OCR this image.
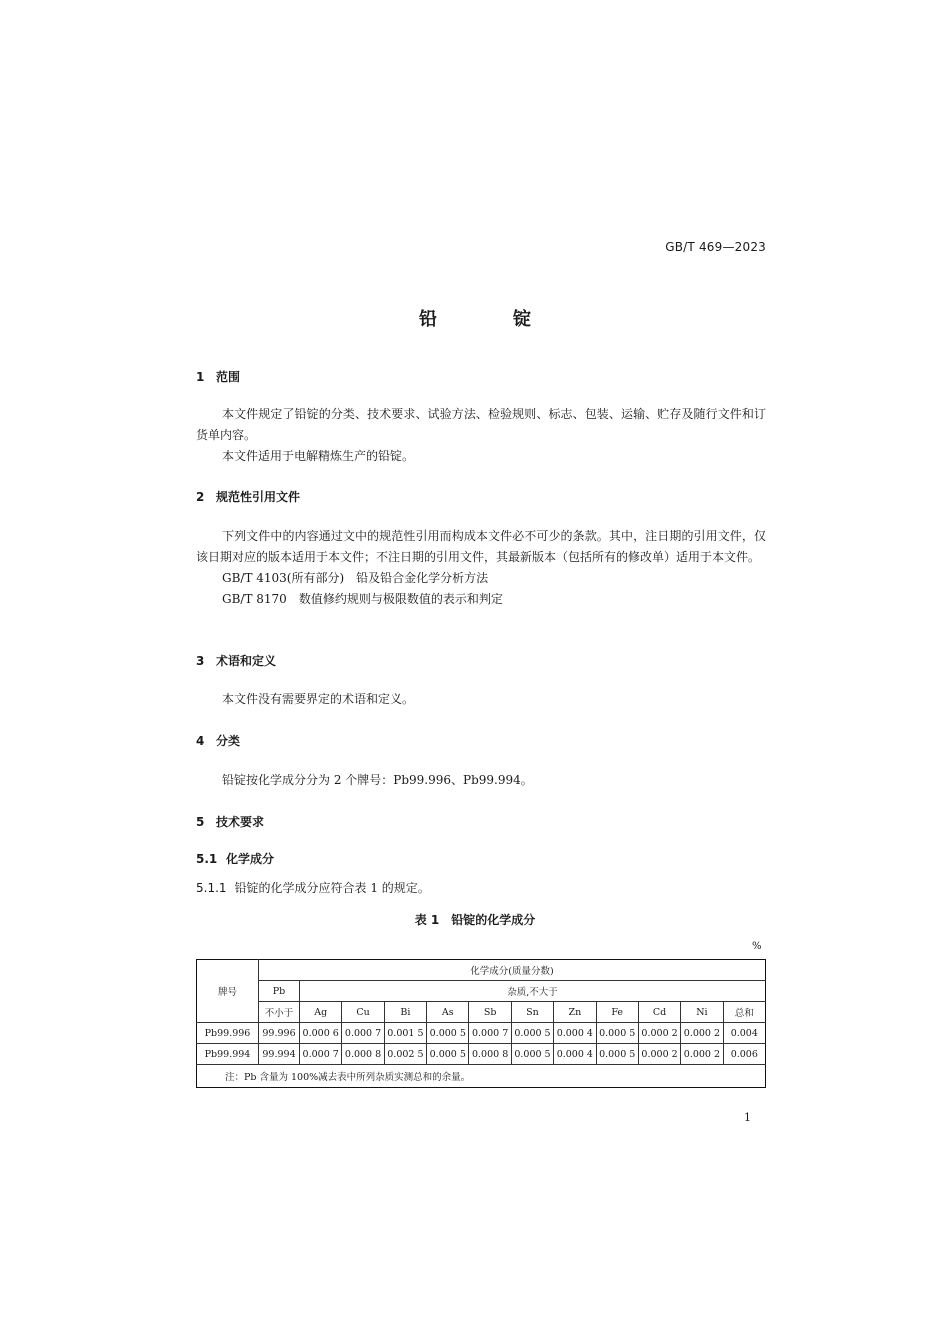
GB/T 469—2023
铅锭
1 范围
本文件规定了铅锭的分类、技术要求、试验方法、检验规则、标志、包装、运输、贮存及随行文件和订货单内容。
本文件适用于电解精炼生产的铅锭。
2 规范性引用文件
下列文件中的内容通过文中的规范性引用而构成本文件必不可少的条款。其中，注日期的引用文件，仅该日期对应的版本适用于本文件；不注日期的引用文件，其最新版本（包括所有的修改单）适用于本文件。
GB/T 4103(所有部分) 铅及铅合金化学分析方法
GB/T 8170 数值修约规则与极限数值的表示和判定
3 术语和定义
本文件没有需要界定的术语和定义。
4 分类
铅锭按化学成分分为 2 个牌号：Pb99.996、Pb99.994。
5 技术要求
5.1 化学成分
5.1.1 铅锭的化学成分应符合表 1 的规定。
表 1　铅锭的化学成分
%
牌号	化学成分(质量分数)											
	Pb	杂质,不大于										
	不小于	Ag	Cu	Bi	As	Sb	Sn	Zn	Fe	Cd	Ni	总和
Pb99.996	99.996	0.000 6	0.000 7	0.001 5	0.000 5	0.000 7	0.000 5	0.000 4	0.000 5	0.000 2	0.000 2	0.004
Pb99.994	99.994	0.000 7	0.000 8	0.002 5	0.000 5	0.000 8	0.000 5	0.000 4	0.000 5	0.000 2	0.000 2	0.006
注：Pb 含量为 100%减去表中所列杂质实测总和的余量。												
1
